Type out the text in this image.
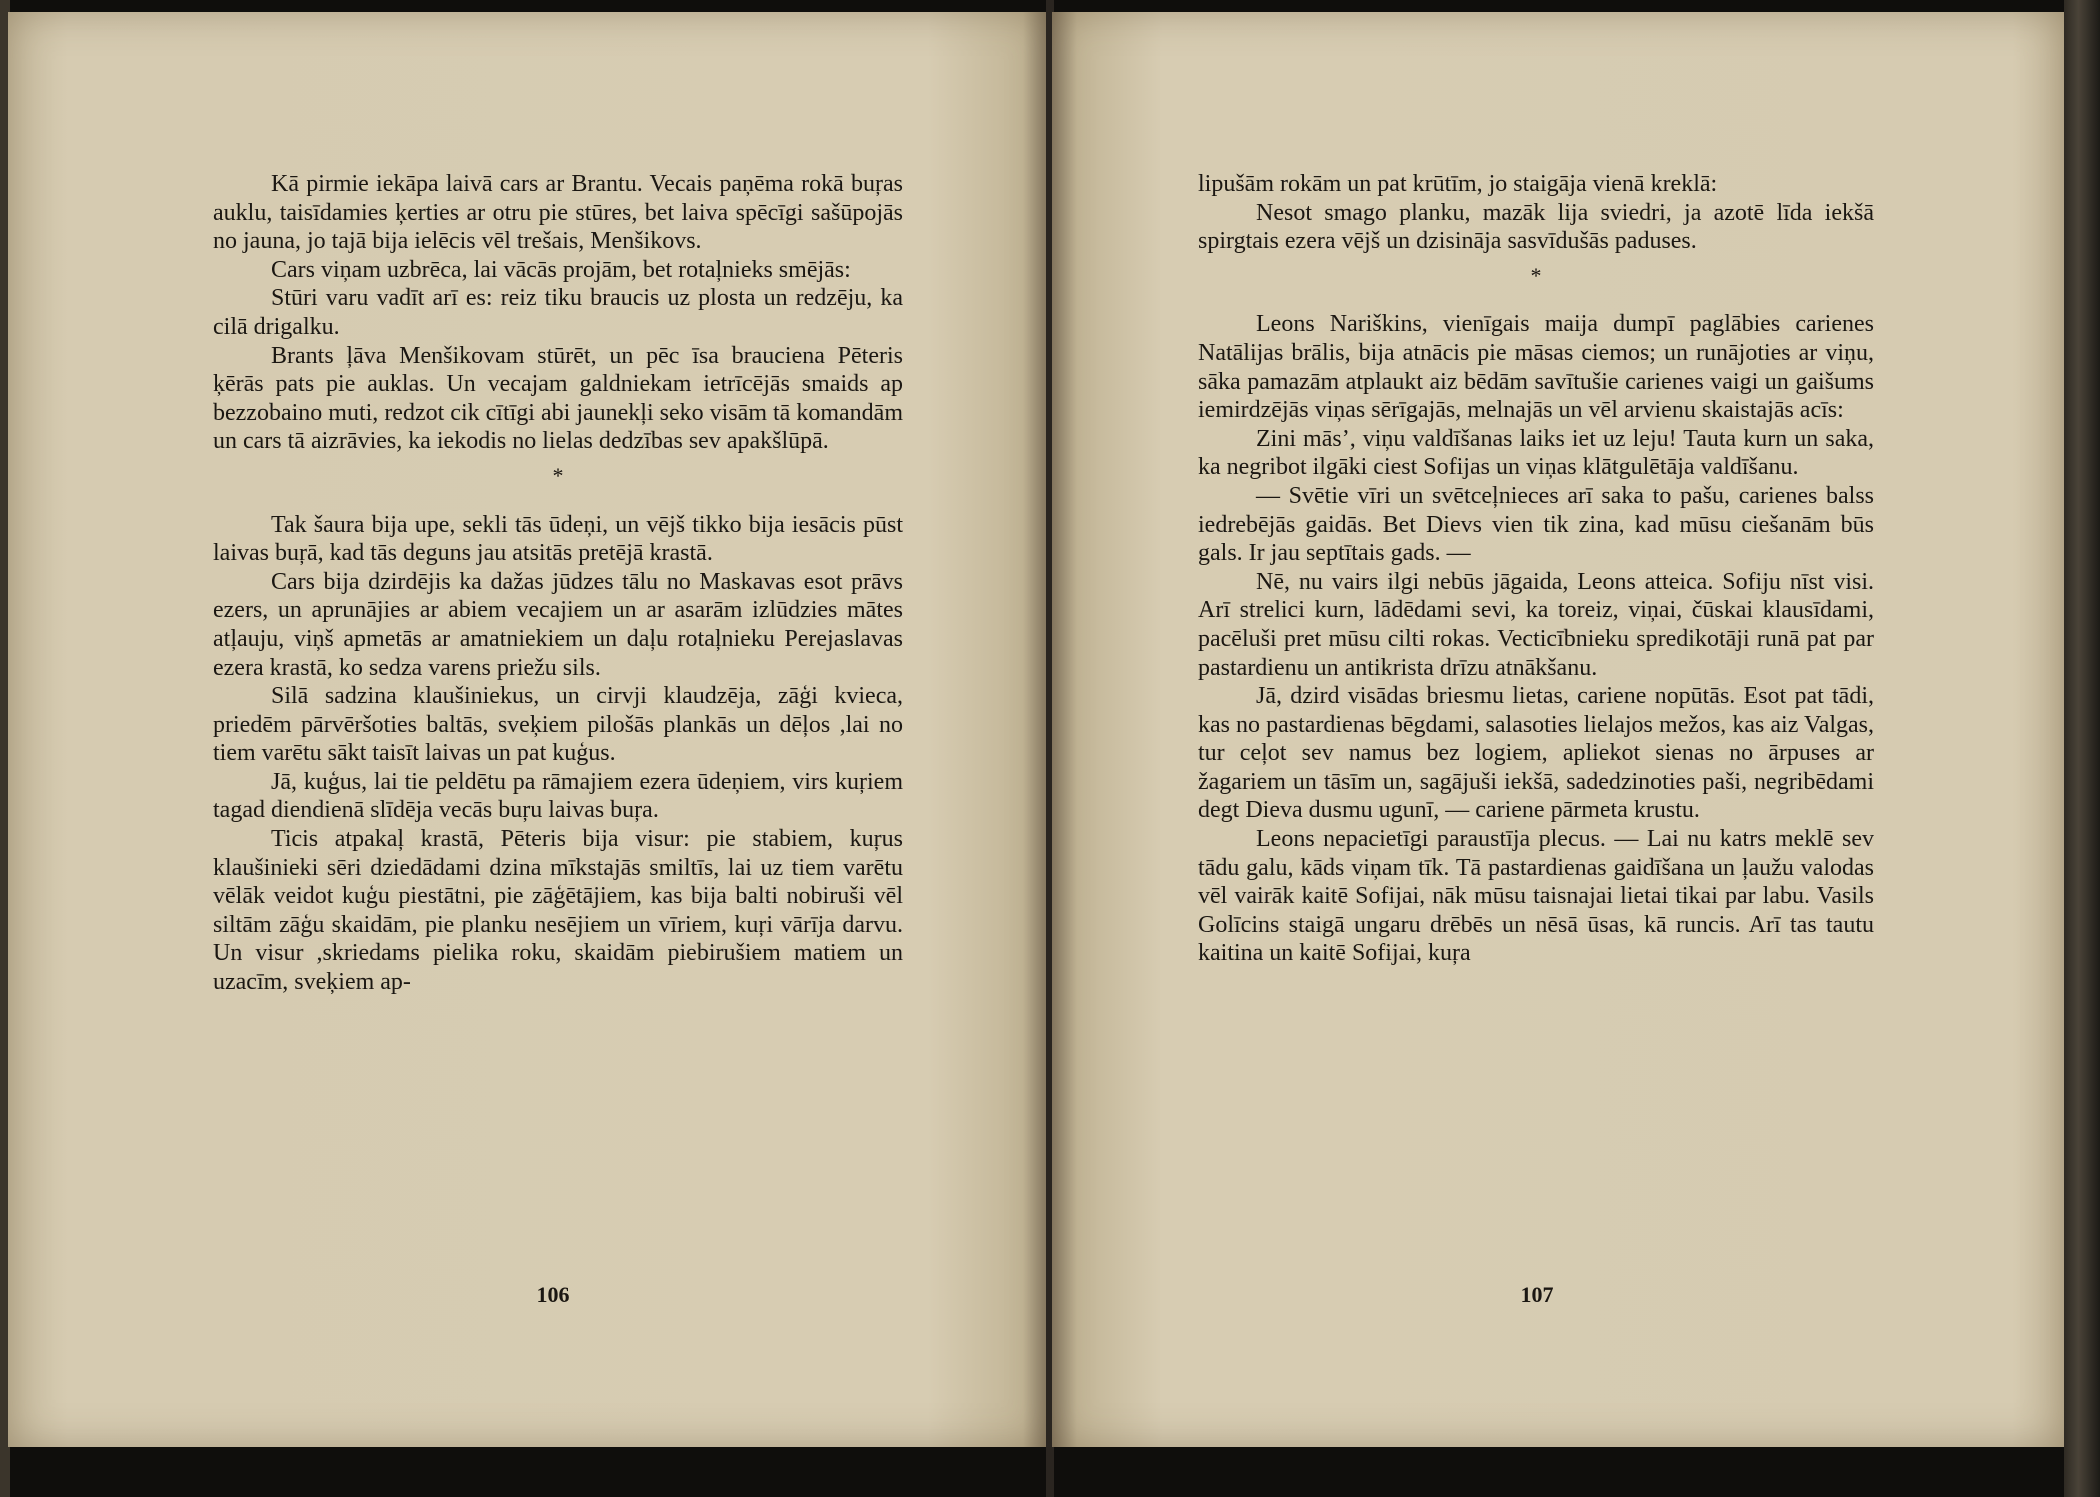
Kā pirmie iekāpa laivā cars ar Brantu. Vecais paņēma rokā buŗas auklu, taisīdamies ķerties ar otru pie stūres, bet laiva spēcīgi sašūpojās no jauna, jo tajā bija ielēcis vēl trešais, Menšikovs.

Cars viņam uzbrēca, lai vācās projām, bet rotaļnieks smējās:

Stūri varu vadīt arī es: reiz tiku braucis uz plosta un redzēju, ka cilā drigalku.

Brants ļāva Menšikovam stūrēt, un pēc īsa brauciena Pēteris ķērās pats pie auklas. Un vecajam galdniekam ietrīcējās smaids ap bezzobaino muti, redzot cik cītīgi abi jaunekļi seko visām tā komandām un cars tā aizrāvies, ka iekodis no lielas dedzības sev apakšlūpā.

*

Tak šaura bija upe, sekli tās ūdeņi, un vējš tikko bija iesācis pūst laivas buŗā, kad tās deguns jau atsitās pretējā krastā.

Cars bija dzirdējis ka dažas jūdzes tālu no Maskavas esot prāvs ezers, un aprunājies ar abiem vecajiem un ar asarām izlūdzies mātes atļauju, viņš apmetās ar amatniekiem un daļu rotaļnieku Perejaslavas ezera krastā, ko sedza varens priežu sils.

Silā sadzina klaušiniekus, un cirvji klaudzēja, zāģi kvieca, priedēm pārvēršoties baltās, sveķiem pilošās plankās un dēļos ,lai no tiem varētu sākt taisīt laivas un pat kuģus.

Jā, kuģus, lai tie peldētu pa rāmajiem ezera ūdeņiem, virs kuŗiem tagad diendienā slīdēja vecās buŗu laivas buŗa.

Ticis atpakaļ krastā, Pēteris bija visur: pie stabiem, kuŗus klaušinieki sēri dziedādami dzina mīkstajās smiltīs, lai uz tiem varētu vēlāk veidot kuģu piestātni, pie zāģētājiem, kas bija balti nobiruši vēl siltām zāģu skaidām, pie planku nesējiem un vīriem, kuŗi vārīja darvu. Un visur ,skriedams pielika roku, skaidām piebirušiem matiem un uzacīm, sveķiem ap-

106

lipušām rokām un pat krūtīm, jo staigāja vienā kreklā:

Nesot smago planku, mazāk lija sviedri, ja azotē līda iekšā spirgtais ezera vējš un dzisināja sasvīdušās paduses.

*

Leons Nariškins, vienīgais maija dumpī paglābies carienes Natālijas brālis, bija atnācis pie māsas ciemos; un runājoties ar viņu, sāka pamazām atplaukt aiz bēdām savītušie carienes vaigi un gaišums iemirdzējās viņas sērīgajās, melnajās un vēl arvienu skaistajās acīs:

Zini mās’, viņu valdīšanas laiks iet uz leju! Tauta kurn un saka, ka negribot ilgāki ciest Sofijas un viņas klātgulētāja valdīšanu.

— Svētie vīri un svētceļnieces arī saka to pašu, carienes balss iedrebējās gaidās. Bet Dievs vien tik zina, kad mūsu ciešanām būs gals. Ir jau septītais gads. —

Nē, nu vairs ilgi nebūs jāgaida, Leons atteica. Sofiju nīst visi. Arī strelici kurn, lādēdami sevi, ka toreiz, viņai, čūskai klausīdami, pacēluši pret mūsu cilti rokas. Vecticībnieku spredikotāji runā pat par pastardienu un antikrista drīzu atnākšanu.

Jā, dzird visādas briesmu lietas, cariene nopūtās. Esot pat tādi, kas no pastardienas bēgdami, salasoties lielajos mežos, kas aiz Valgas, tur ceļot sev namus bez logiem, apliekot sienas no ārpuses ar žagariem un tāsīm un, sagājuši iekšā, sadedzinoties paši, negribēdami degt Dieva dusmu ugunī, — cariene pārmeta krustu.

Leons nepacietīgi paraustīja plecus. — Lai nu katrs meklē sev tādu galu, kāds viņam tīk. Tā pastardienas gaidīšana un ļaužu valodas vēl vairāk kaitē Sofijai, nāk mūsu taisnajai lietai tikai par labu. Vasils Golīcins staigā ungaru drēbēs un nēsā ūsas, kā runcis. Arī tas tautu kaitina un kaitē Sofijai, kuŗa

107
